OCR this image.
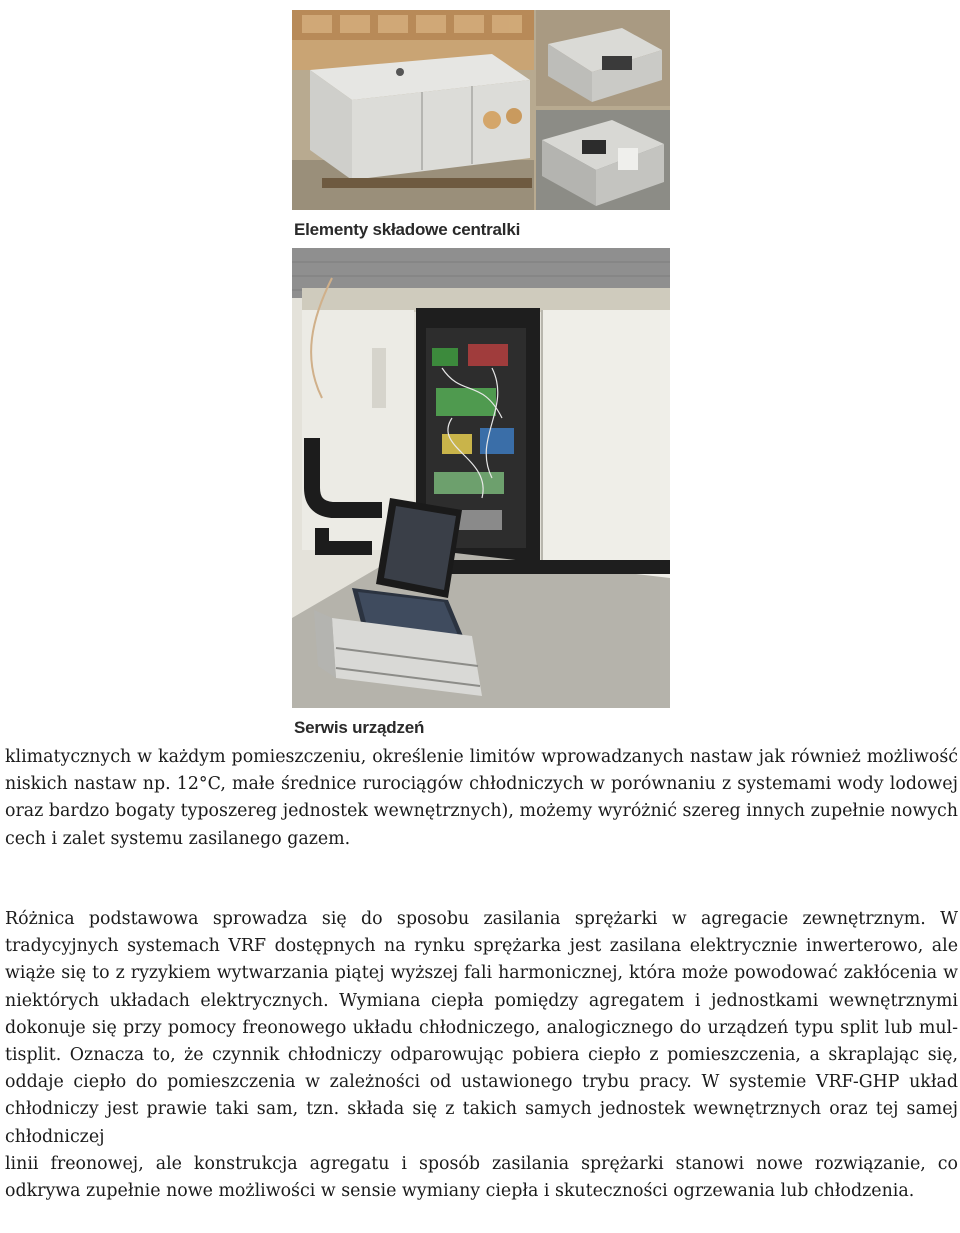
Elementy składowe centralki
Serwis urządzeń

klimatycznych w każdym pomieszczeniu, określenie limitów wprowadzanych nastaw jak również możliwość niskich nastaw np. 12°C, małe średnice rurociągów chłodniczych w porównaniu z systemami wody lodowej oraz bardzo bogaty typoszereg jednostek wewnętrznych), możemy wyróżnić szereg innych zupełnie nowych cech i zalet systemu zasilanego gazem.

Różnica podstawowa sprowadza się do sposobu zasilania sprężarki w agregacie zewnętrznym. W tradycyjnych systemach VRF dostępnych na rynku sprężarka jest zasilana elektrycznie inwerterowo, ale wiąże się to z ryzykiem wytwarzania piątej wyższej fali harmonicznej, która może powodować zakłócenia w niektórych układach elektrycznych. Wymiana ciepła pomiędzy agregatem i jednostkami wewnętrznymi dokonuje się przy pomocy freonowego układu chłodniczego, analogicznego do urządzeń typu split lub mul-tisplit. Oznacza to, że czynnik chłodniczy odparowując pobiera ciepło z pomieszczenia, a skraplając się, oddaje ciepło do pomieszczenia w zależności od ustawionego trybu pracy. W systemie VRF-GHP układ chłodniczy jest prawie taki sam, tzn. składa się z takich samych jednostek wewnętrznych oraz tej samej chłodniczej

linii freonowej, ale konstrukcja agregatu i sposób zasilania sprężarki stanowi nowe rozwiązanie, co odkrywa zupełnie nowe możliwości w sensie wymiany ciepła i skuteczności ogrzewania lub chłodzenia.
